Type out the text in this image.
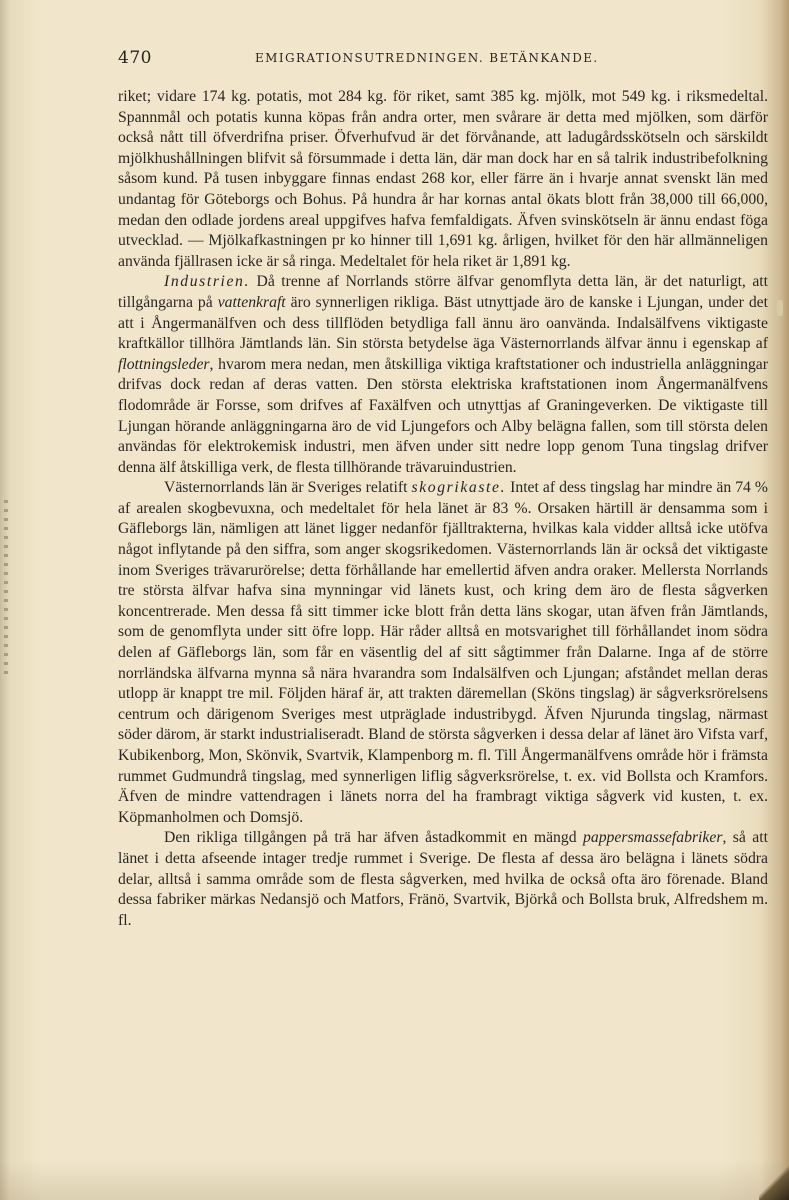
470	EMIGRATIONSUTREDNINGEN. BETÄNKANDE.

riket; vidare 174 kg. potatis, mot 284 kg. för riket, samt 385 kg. mjölk, mot 549 kg. i riksmedeltal. Spannmål och potatis kunna köpas från andra orter, men svårare är detta med mjölken, som därför också nått till öfverdrifna priser. Öfverhufvud är det förvånande, att ladugårdsskötseln och särskildt mjölkhushållningen blifvit så försummade i detta län, där man dock har en så talrik industribefolkning såsom kund. På tusen inbyggare finnas endast 268 kor, eller färre än i hvarje annat svenskt län med undantag för Göteborgs och Bohus. På hundra år har kornas antal ökats blott från 38,000 till 66,000, medan den odlade jordens areal uppgifves hafva femfaldigats. Äfven svinskötseln är ännu endast föga utvecklad. — Mjölkafkastningen pr ko hinner till 1,691 kg. årligen, hvilket för den här allmänneligen använda fjällrasen icke är så ringa. Medeltalet för hela riket är 1,891 kg.

Industrien. Då trenne af Norrlands större älfvar genomflyta detta län, är det naturligt, att tillgångarna på vattenkraft äro synnerligen rikliga. Bäst utnyttjade äro de kanske i Ljungan, under det att i Ångermanälfven och dess tillflöden betydliga fall ännu äro oanvända. Indalsälfvens viktigaste kraftkällor tillhöra Jämtlands län. Sin största betydelse äga Västernorrlands älfvar ännu i egenskap af flottningsleder, hvarom mera nedan, men åtskilliga viktiga kraftstationer och industriella anläggningar drifvas dock redan af deras vatten. Den största elektriska kraftstationen inom Ångermanälfvens flodområde är Forsse, som drifves af Faxälfven och utnyttjas af Graningeverken. De viktigaste till Ljungan hörande anläggningarna äro de vid Ljungefors och Alby belägna fallen, som till största delen användas för elektrokemisk industri, men äfven under sitt nedre lopp genom Tuna tingslag drifver denna älf åtskilliga verk, de flesta tillhörande trävaruindustrien.

Västernorrlands län är Sveriges relatift skogrikaste. Intet af dess tingslag har mindre än 74 % af arealen skogbevuxna, och medeltalet för hela länet är 83 %. Orsaken härtill är densamma som i Gäfleborgs län, nämligen att länet ligger nedanför fjälltrakterna, hvilkas kala vidder alltså icke utöfva något inflytande på den siffra, som anger skogsrikedomen. Västernorrlands län är också det viktigaste inom Sveriges trävarurörelse; detta förhållande har emellertid äfven andra oraker. Mellersta Norrlands tre största älfvar hafva sina mynningar vid länets kust, och kring dem äro de flesta sågverken koncentrerade. Men dessa få sitt timmer icke blott från detta läns skogar, utan äfven från Jämtlands, som de genomflyta under sitt öfre lopp. Här råder alltså en motsvarighet till förhållandet inom södra delen af Gäfleborgs län, som får en väsentlig del af sitt sågtimmer från Dalarne. Inga af de större norrländska älfvarna mynna så nära hvarandra som Indalsälfven och Ljungan; afståndet mellan deras utlopp är knappt tre mil. Följden häraf är, att trakten däremellan (Sköns tingslag) är sågverksrörelsens centrum och därigenom Sveriges mest utpräglade industribygd. Äfven Njurunda tingslag, närmast söder därom, är starkt industrialiseradt. Bland de största sågverken i dessa delar af länet äro Vifsta varf, Kubikenborg, Mon, Skönvik, Svartvik, Klampenborg m. fl. Till Ångermanälfvens område hör i främsta rummet Gudmundrå tingslag, med synnerligen liflig sågverksrörelse, t. ex. vid Bollsta och Kramfors. Äfven de mindre vattendragen i länets norra del ha frambragt viktiga sågverk vid kusten, t. ex. Köpmanholmen och Domsjö.

Den rikliga tillgången på trä har äfven åstadkommit en mängd pappersmassefabriker, så att länet i detta afseende intager tredje rummet i Sverige. De flesta af dessa äro belägna i länets södra delar, alltså i samma område som de flesta sågverken, med hvilka de också ofta äro förenade. Bland dessa fabriker märkas Nedansjö och Matfors, Fränö, Svartvik, Björkå och Bollsta bruk, Alfredshem m. fl.
